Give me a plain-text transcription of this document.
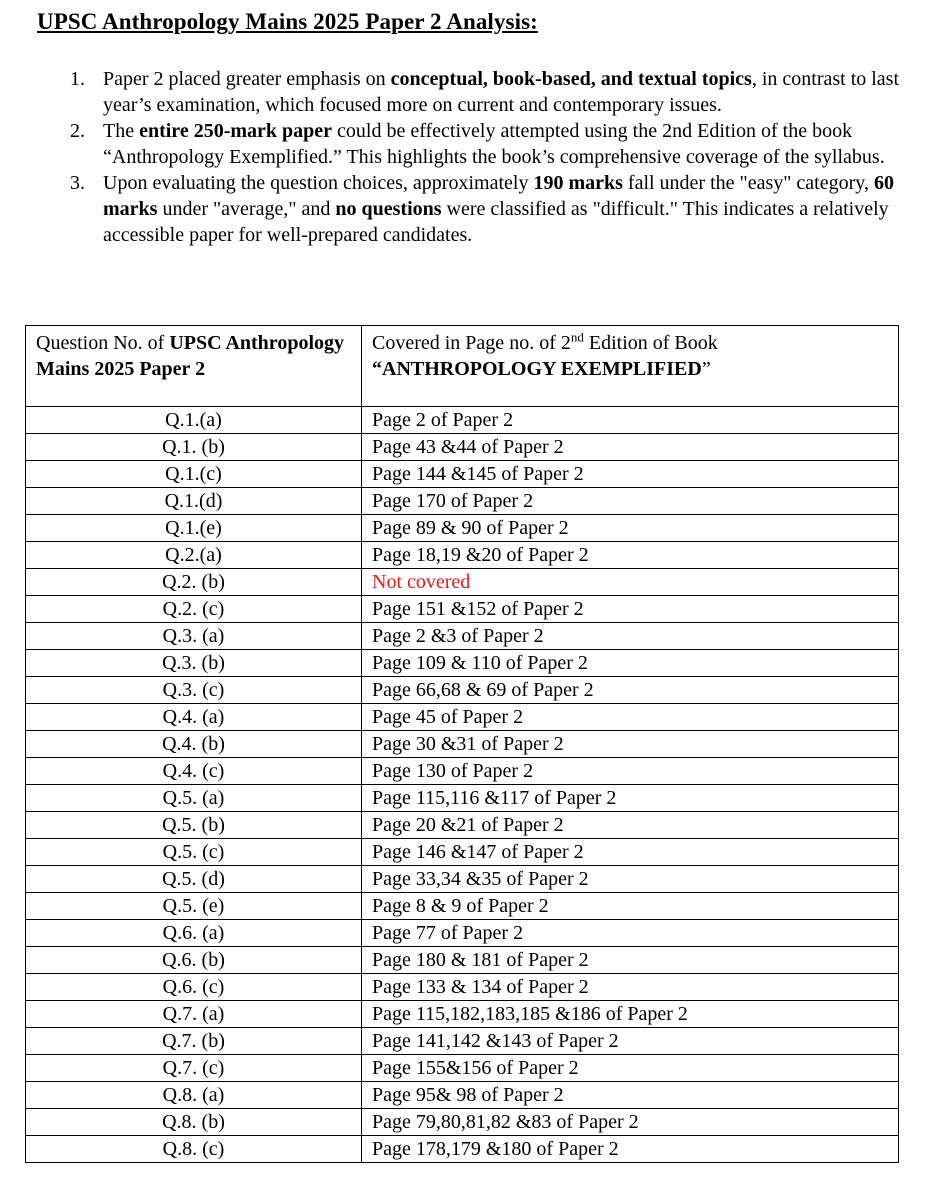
UPSC Anthropology Mains 2025 Paper 2 Analysis:
1. Paper 2 placed greater emphasis on conceptual, book-based, and textual topics, in contrast to last year’s examination, which focused more on current and contemporary issues.
2. The entire 250-mark paper could be effectively attempted using the 2nd Edition of the book “Anthropology Exemplified.” This highlights the book’s comprehensive coverage of the syllabus.
3. Upon evaluating the question choices, approximately 190 marks fall under the "easy" category, 60 marks under "average," and no questions were classified as "difficult." This indicates a relatively accessible paper for well-prepared candidates.
Question No. of UPSC Anthropology Mains 2025 Paper 2	Covered in Page no. of 2nd Edition of Book
“ANTHROPOLOGY EXEMPLIFIED”
Q.1.(a)	Page 2 of Paper 2
Q.1. (b)	Page 43 &44 of Paper 2
Q.1.(c)	Page 144 &145 of Paper 2
Q.1.(d)	Page 170 of Paper 2
Q.1.(e)	Page 89 & 90 of Paper 2
Q.2.(a)	Page 18,19 &20 of Paper 2
Q.2. (b)	Not covered
Q.2. (c)	Page 151 &152 of Paper 2
Q.3. (a)	Page 2 &3 of Paper 2
Q.3. (b)	Page 109 & 110 of Paper 2
Q.3. (c)	Page 66,68 & 69 of Paper 2
Q.4. (a)	Page 45 of Paper 2
Q.4. (b)	Page 30 &31 of Paper 2
Q.4. (c)	Page 130 of Paper 2
Q.5. (a)	Page 115,116 &117 of Paper 2
Q.5. (b)	Page 20 &21 of Paper 2
Q.5. (c)	Page 146 &147 of Paper 2
Q.5. (d)	Page 33,34 &35 of Paper 2
Q.5. (e)	Page 8 & 9 of Paper 2
Q.6. (a)	Page 77 of Paper 2
Q.6. (b)	Page 180 & 181 of Paper 2
Q.6. (c)	Page 133 & 134 of Paper 2
Q.7. (a)	Page 115,182,183,185 &186 of Paper 2
Q.7. (b)	Page 141,142 &143 of Paper 2
Q.7. (c)	Page 155&156 of Paper 2
Q.8. (a)	Page 95& 98 of Paper 2
Q.8. (b)	Page 79,80,81,82 &83 of Paper 2
Q.8. (c)	Page 178,179 &180 of Paper 2
